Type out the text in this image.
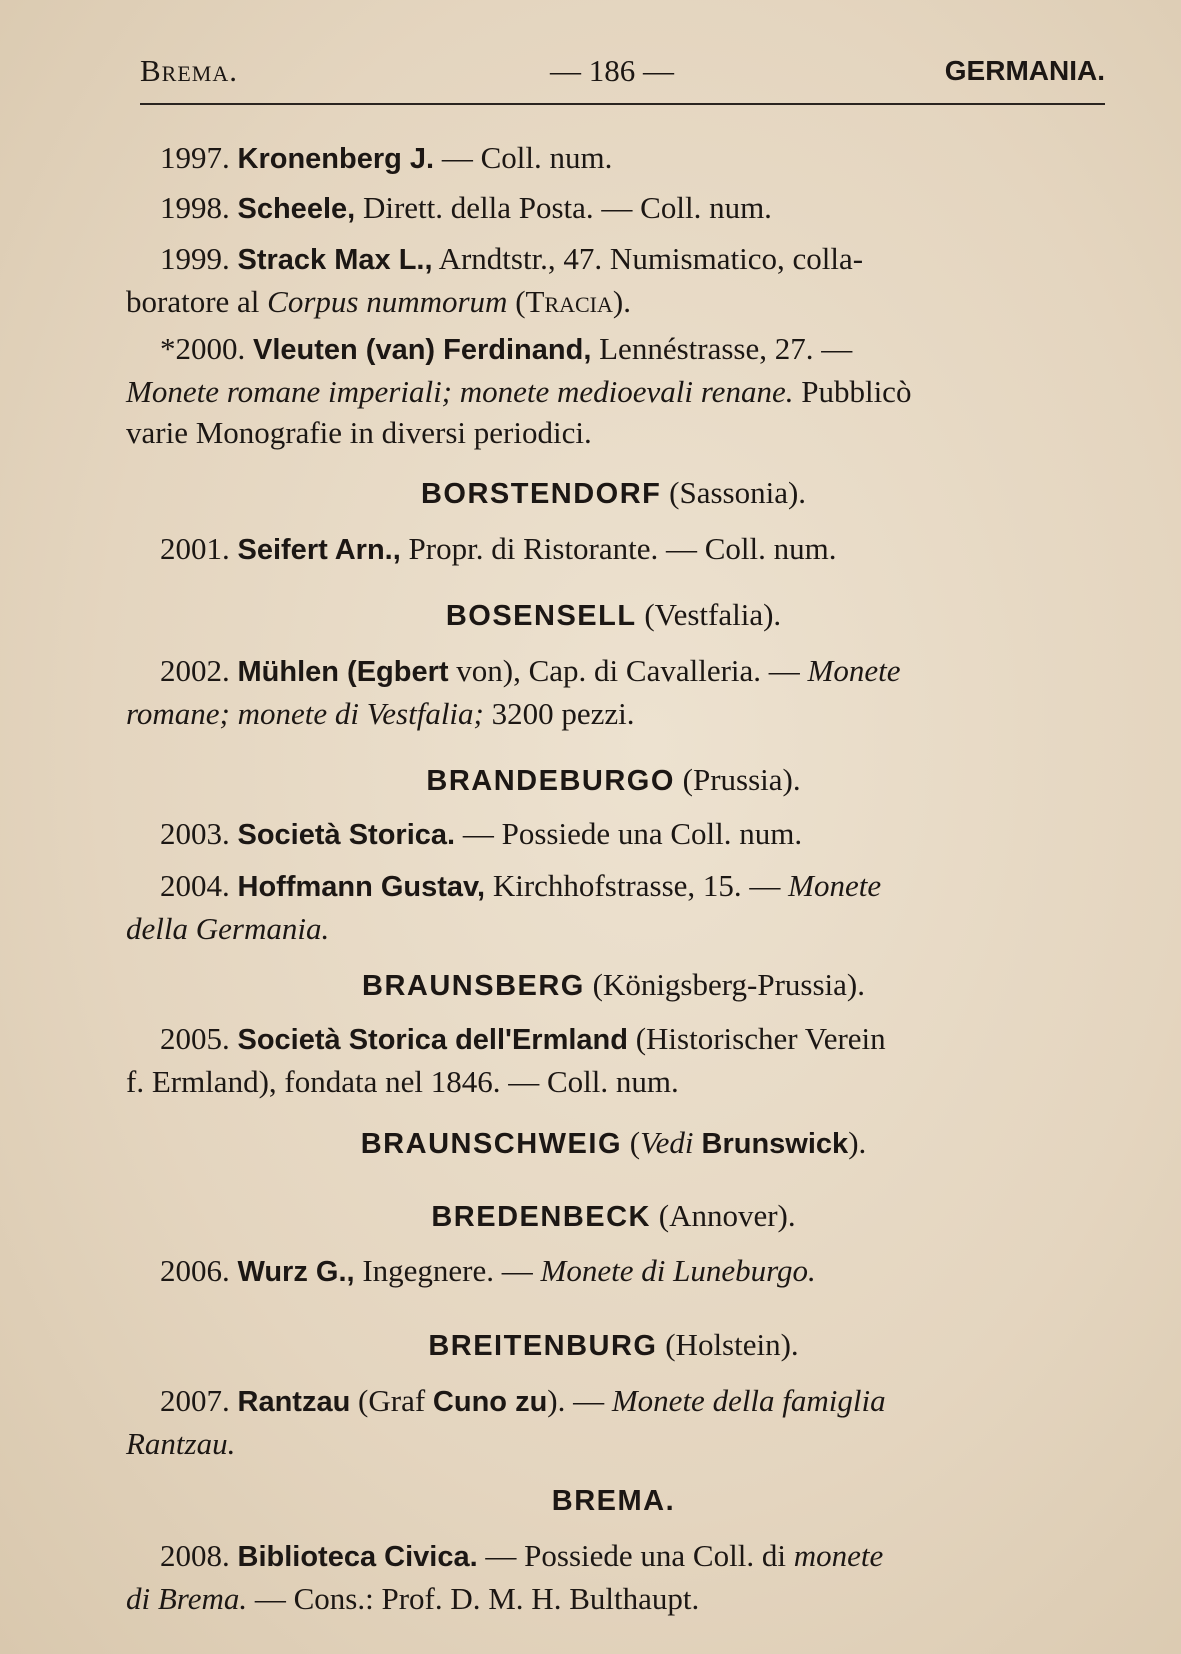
Brema.	— 186 —	GERMANIA.
1997. Kronenberg J. — Coll. num.
1998. Scheele, Dirett. della Posta. — Coll. num.
1999. Strack Max L., Arndtstr., 47. Numismatico, colla-
boratore al Corpus nummorum (Tracia).
*2000. Vleuten (van) Ferdinand, Lennéstrasse, 27. —
Monete romane imperiali; monete medioevali renane. Pubblicò
varie Monografie in diversi periodici.
BORSTENDORF (Sassonia).
2001. Seifert Arn., Propr. di Ristorante. — Coll. num.
BOSENSELL (Vestfalia).
2002. Mühlen (Egbert von), Cap. di Cavalleria. — Monete
romane; monete di Vestfalia; 3200 pezzi.
BRANDEBURGO (Prussia).
2003. Società Storica. — Possiede una Coll. num.
2004. Hoffmann Gustav, Kirchhofstrasse, 15. — Monete
della Germania.
BRAUNSBERG (Königsberg-Prussia).
2005. Società Storica dell'Ermland (Historischer Verein
f. Ermland), fondata nel 1846. — Coll. num.
BRAUNSCHWEIG (Vedi Brunswick).
BREDENBECK (Annover).
2006. Wurz G., Ingegnere. — Monete di Luneburgo.
BREITENBURG (Holstein).
2007. Rantzau (Graf Cuno zu). — Monete della famiglia
Rantzau.
BREMA.
2008. Biblioteca Civica. — Possiede una Coll. di monete
di Brema. — Cons.: Prof. D. M. H. Bulthaupt.
